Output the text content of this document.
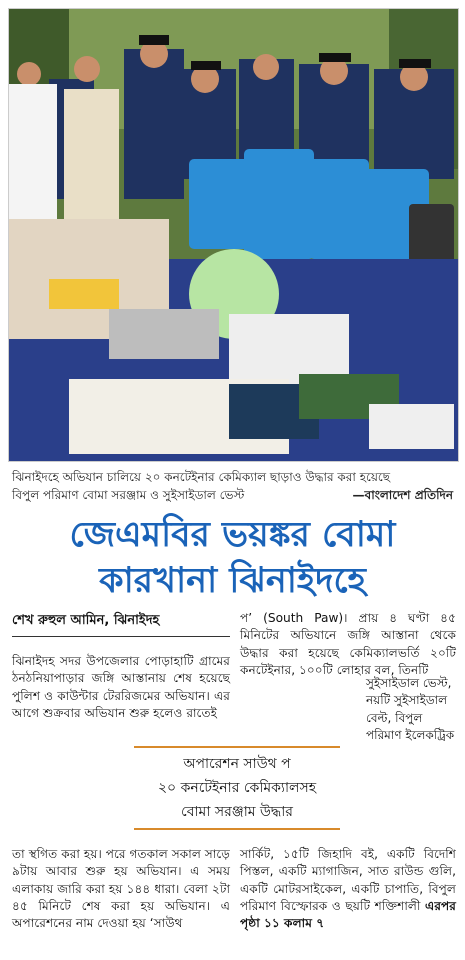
ঝিনাইদহে অভিযান চালিয়ে ২০ কনটেইনার কেমিক্যাল ছাড়াও উদ্ধার করা হয়েছে
বিপুল পরিমাণ বোমা সরঞ্জাম ও সুইসাইডাল ভেস্ট	—বাংলাদেশ প্রতিদিন
জেএমবির ভয়ঙ্কর বোমা
কারখানা ঝিনাইদহে
শেখ রুহুল আমিন, ঝিনাইদহ

ঝিনাইদহ সদর উপজেলার পোড়াহাটি গ্রামের ঠনঠনিয়াপাড়ার জঙ্গি আস্তানায় শেষ হয়েছে পুলিশ ও কাউন্টার টেররিজমের অভিযান। এর আগে শুক্রবার অভিযান শুরু হলেও রাতেই

প’ (South Paw)। প্রায় ৪ ঘণ্টা ৪৫ মিনিটের অভিযানে জঙ্গি আস্তানা থেকে উদ্ধার করা হয়েছে কেমিক্যালভর্তি ২০টি কনটেইনার, ১০০টি লোহার বল, তিনটি

সুইসাইডাল ভেস্ট, নয়টি সুইসাইডাল বেল্ট, বিপুল পরিমাণ ইলেকট্রিক

অপারেশন সাউথ প
২০ কনটেইনার কেমিক্যালসহ
বোমা সরঞ্জাম উদ্ধার

তা স্থগিত করা হয়। পরে গতকাল সকাল সাড়ে ৯টায় আবার শুরু হয় অভিযান। এ সময় এলাকায় জারি করা হয় ১৪৪ ধারা। বেলা ২টা ৪৫ মিনিটে শেষ করা হয় অভিযান। এ অপারেশনের নাম দেওয়া হয় ‘সাউথ

সার্কিট, ১৫টি জিহাদি বই, একটি বিদেশি পিস্তল, একটি ম্যাগাজিন, সাত রাউন্ড গুলি, একটি মোটরসাইকেল, একটি চাপাতি, বিপুল পরিমাণ বিস্ফোরক ও ছয়টি শক্তিশালী এরপর পৃষ্ঠা ১১ কলাম ৭
